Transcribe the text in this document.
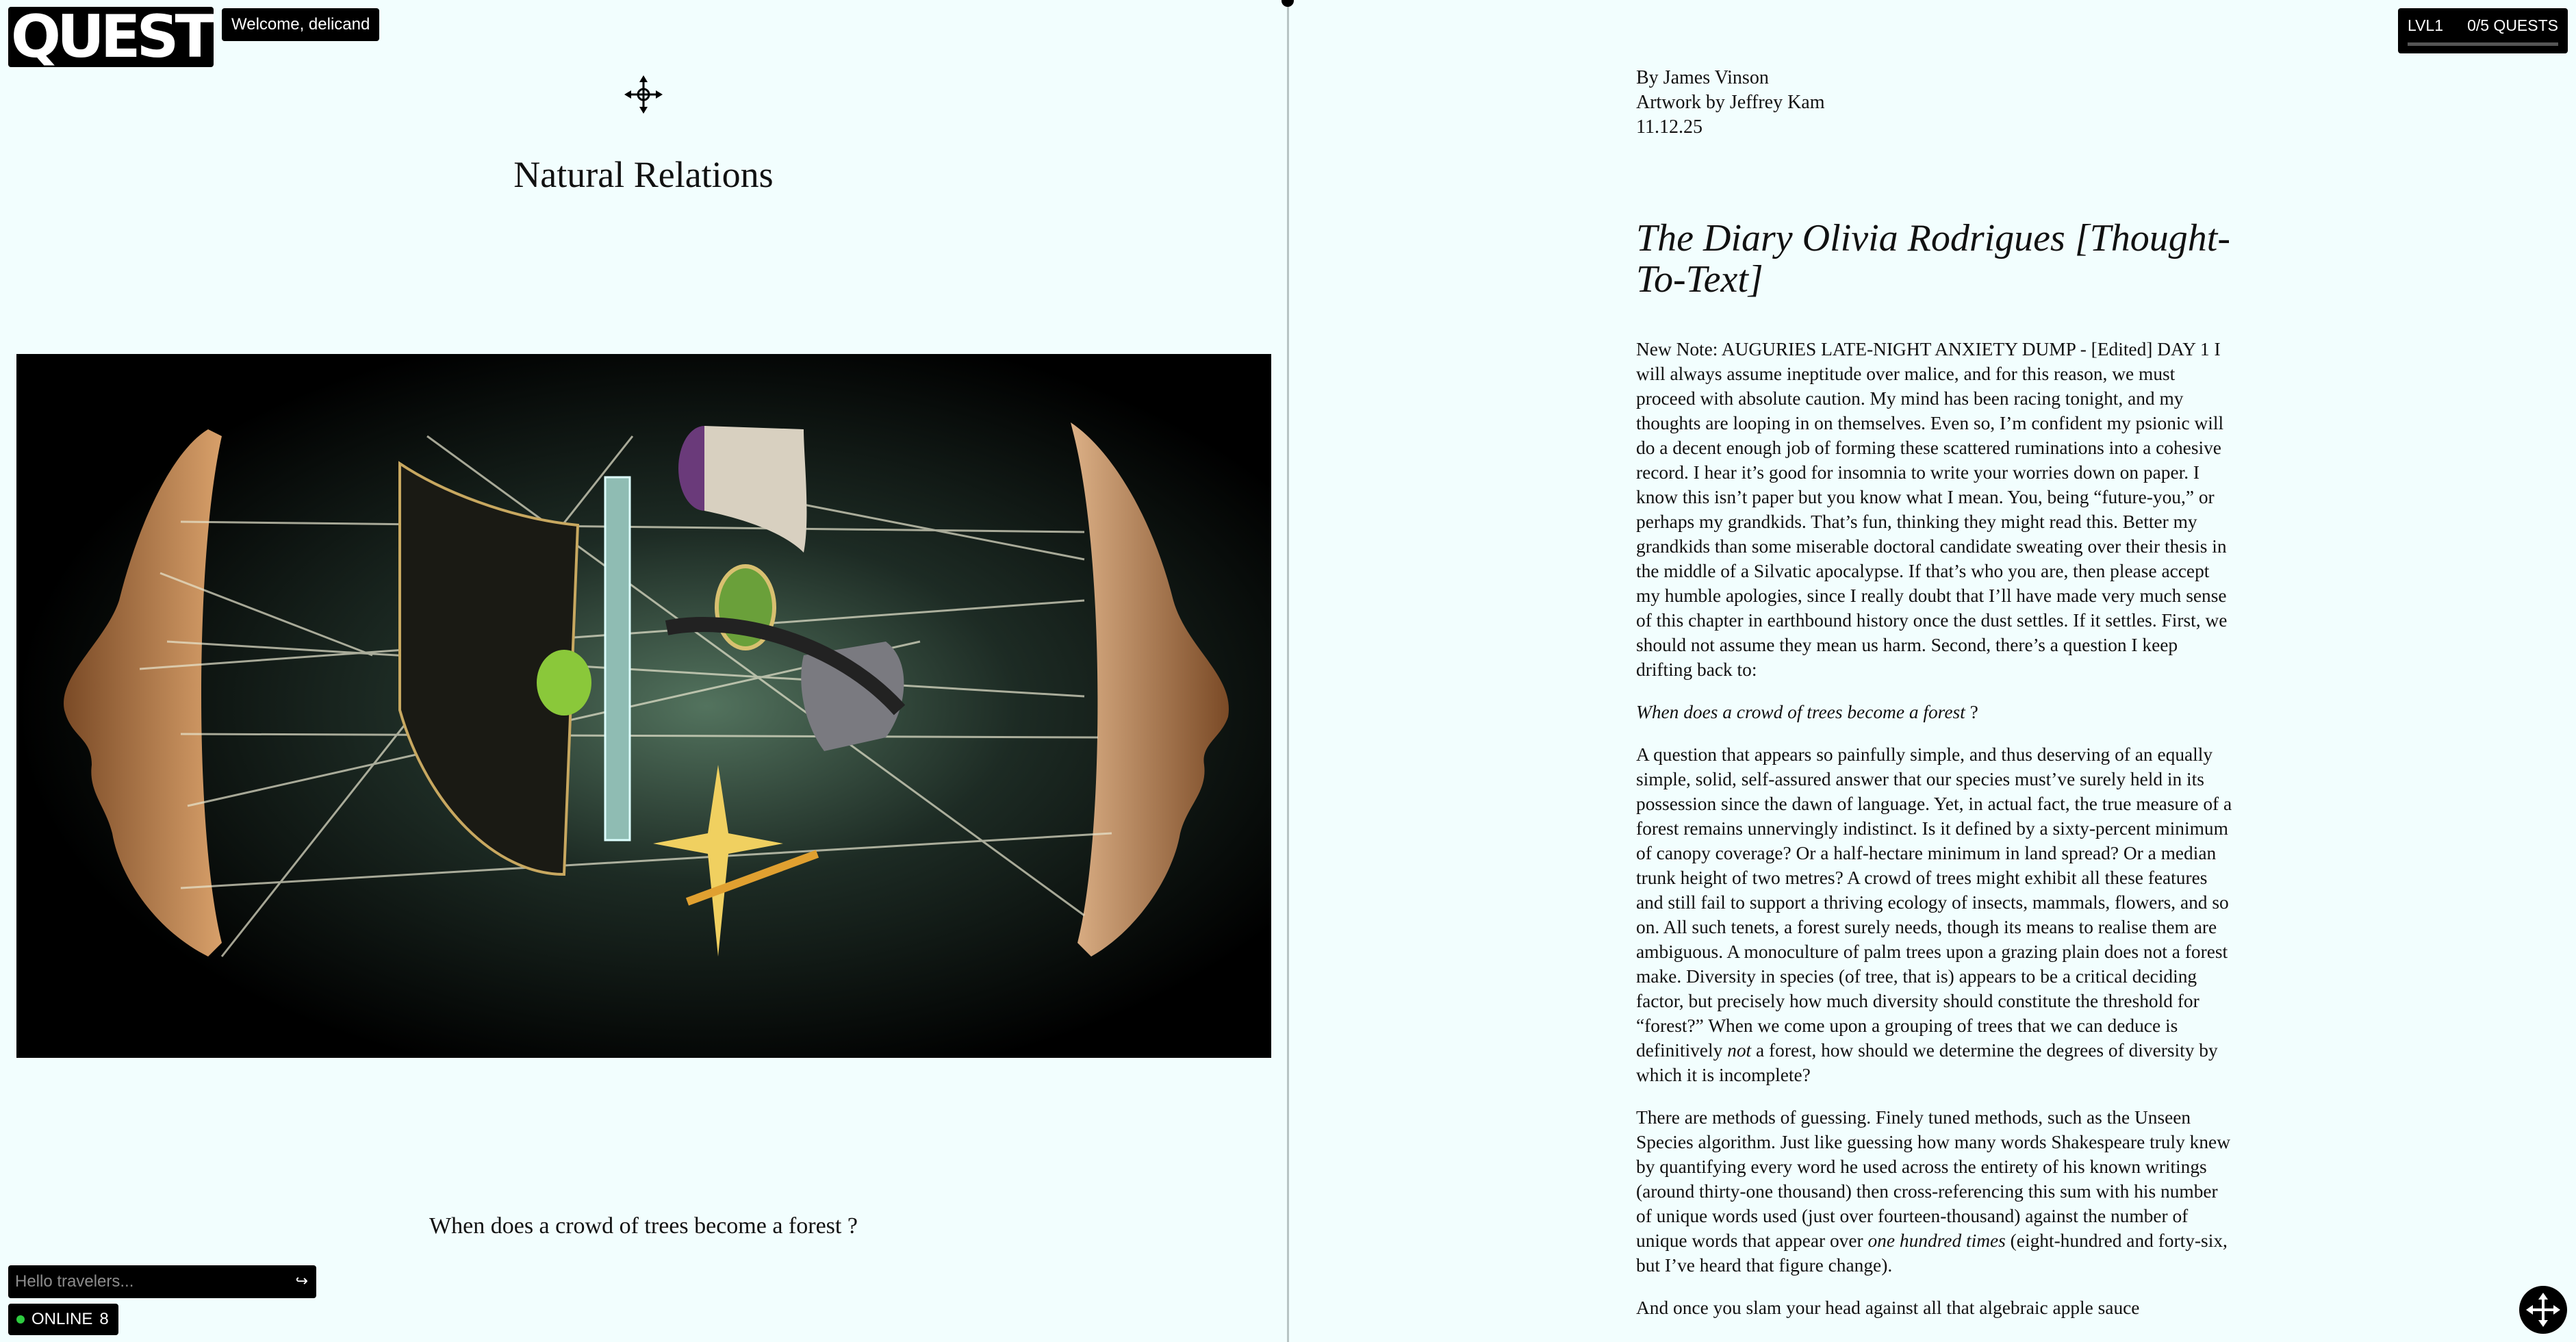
QUEST	Welcome, delicand
Natural Relations
When does a crowd of trees become a forest ?
Hello travelers...
↪
ONLINE 8
LVL1 0/5 QUESTS
By James Vinson
Artwork by Jeffrey Kam
11.12.25
The Diary Olivia Rodrigues [Thought-To-Text]

New Note: AUGURIES LATE-NIGHT ANXIETY DUMP - [Edited] DAY 1 I will always assume ineptitude over malice, and for this reason, we must proceed with absolute caution. My mind has been racing tonight, and my thoughts are looping in on themselves. Even so, I’m confident my psionic will do a decent enough job of forming these scattered ruminations into a cohesive record. I hear it’s good for insomnia to write your worries down on paper. I know this isn’t paper but you know what I mean. You, being “future-you,” or perhaps my grandkids. That’s fun, thinking they might read this. Better my grandkids than some miserable doctoral candidate sweating over their thesis in the middle of a Silvatic apocalypse. If that’s who you are, then please accept my humble apologies, since I really doubt that I’ll have made very much sense of this chapter in earthbound history once the dust settles. If it settles. First, we should not assume they mean us harm. Second, there’s a question I keep drifting back to:

When does a crowd of trees become a forest ?

A question that appears so painfully simple, and thus deserving of an equally simple, solid, self-assured answer that our species must’ve surely held in its possession since the dawn of language. Yet, in actual fact, the true measure of a forest remains unnervingly indistinct. Is it defined by a sixty-percent minimum of canopy coverage? Or a half-hectare minimum in land spread? Or a median trunk height of two metres? A crowd of trees might exhibit all these features and still fail to support a thriving ecology of insects, mammals, flowers, and so on. All such tenets, a forest surely needs, though its means to realise them are ambiguous. A monoculture of palm trees upon a grazing plain does not a forest make. Diversity in species (of tree, that is) appears to be a critical deciding factor, but precisely how much diversity should constitute the threshold for “forest?” When we come upon a grouping of trees that we can deduce is definitively not a forest, how should we determine the degrees of diversity by which it is incomplete?

There are methods of guessing. Finely tuned methods, such as the Unseen Species algorithm. Just like guessing how many words Shakespeare truly knew by quantifying every word he used across the entirety of his known writings (around thirty-one thousand) then cross-referencing this sum with his number of unique words used (just over fourteen-thousand) against the number of unique words that appear over one hundred times (eight-hundred and forty-six, but I’ve heard that figure change).

And once you slam your head against all that algebraic apple sauce
